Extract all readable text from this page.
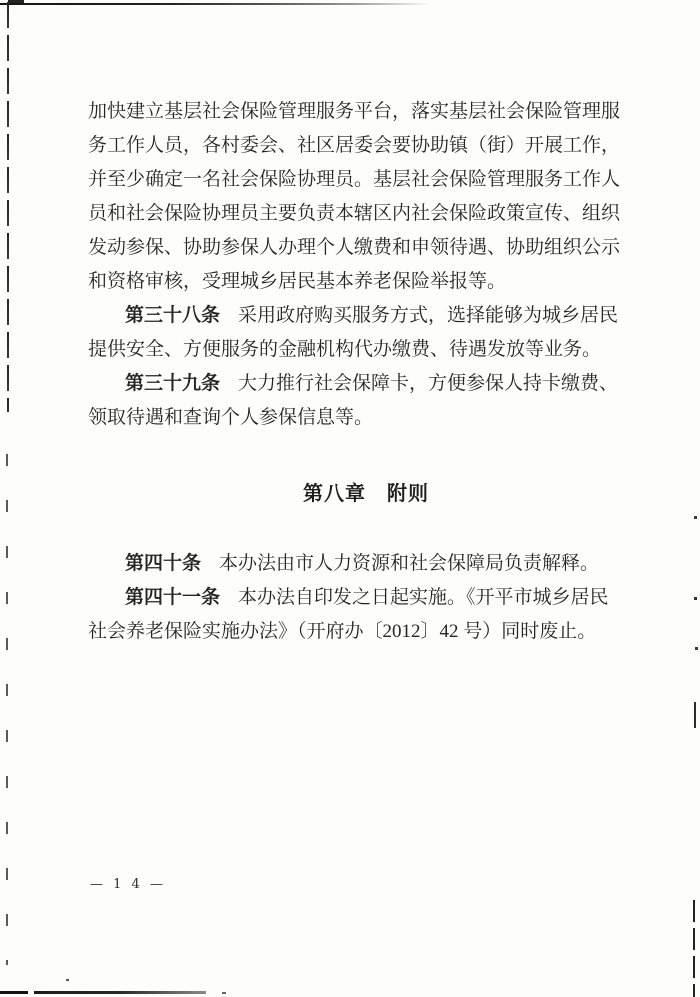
加快建立基层社会保险管理服务平台，落实基层社会保险管理服
务工作人员，各村委会、社区居委会要协助镇（街）开展工作，
并至少确定一名社会保险协理员。基层社会保险管理服务工作人
员和社会保险协理员主要负责本辖区内社会保险政策宣传、组织
发动参保、协助参保人办理个人缴费和申领待遇、协助组织公示
和资格审核，受理城乡居民基本养老保险举报等。
第三十八条 采用政府购买服务方式，选择能够为城乡居民
提供安全、方便服务的金融机构代办缴费、待遇发放等业务。
第三十九条 大力推行社会保障卡，方便参保人持卡缴费、
领取待遇和查询个人参保信息等。
第八章　附则
第四十条 本办法由市人力资源和社会保障局负责解释。
第四十一条 本办法自印发之日起实施。《开平市城乡居民
社会养老保险实施办法》（开府办〔2012〕42 号）同时废止。
— 1 4 —
